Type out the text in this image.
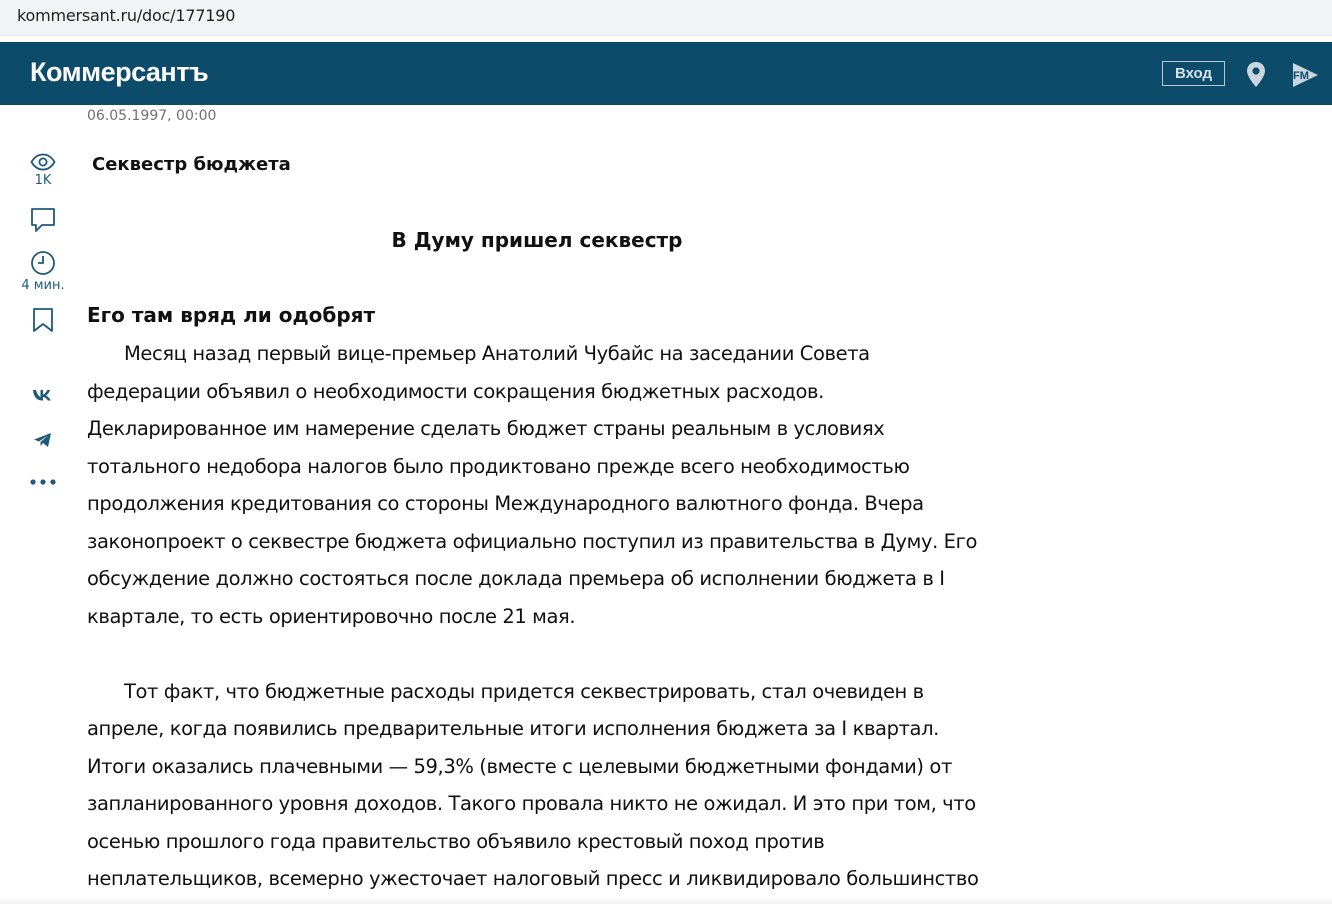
kommersant.ru/doc/177190
Коммерсантъ	Вход	FM
06.05.1997, 00:00
1K
4 мин.
Секвестр бюджета
В Думу пришел секвестр
Его там вряд ли одобрят

Месяц назад первый вице-премьер Анатолий Чубайс на заседании Совета
федерации объявил о необходимости сокращения бюджетных расходов.
Декларированное им намерение сделать бюджет страны реальным в условиях
тотального недобора налогов было продиктовано прежде всего необходимостью
продолжения кредитования со стороны Международного валютного фонда. Вчера
законопроект о секвестре бюджета официально поступил из правительства в Думу. Его
обсуждение должно состояться после доклада премьера об исполнении бюджета в I
квартале, то есть ориентировочно после 21 мая.

Тот факт, что бюджетные расходы придется секвестрировать, стал очевиден в
апреле, когда появились предварительные итоги исполнения бюджета за I квартал.
Итоги оказались плачевными — 59,3% (вместе с целевыми бюджетными фондами) от
запланированного уровня доходов. Такого провала никто не ожидал. И это при том, что
осенью прошлого года правительство объявило крестовый поход против
неплательщиков, всемерно ужесточает налоговый пресс и ликвидировало большинство
